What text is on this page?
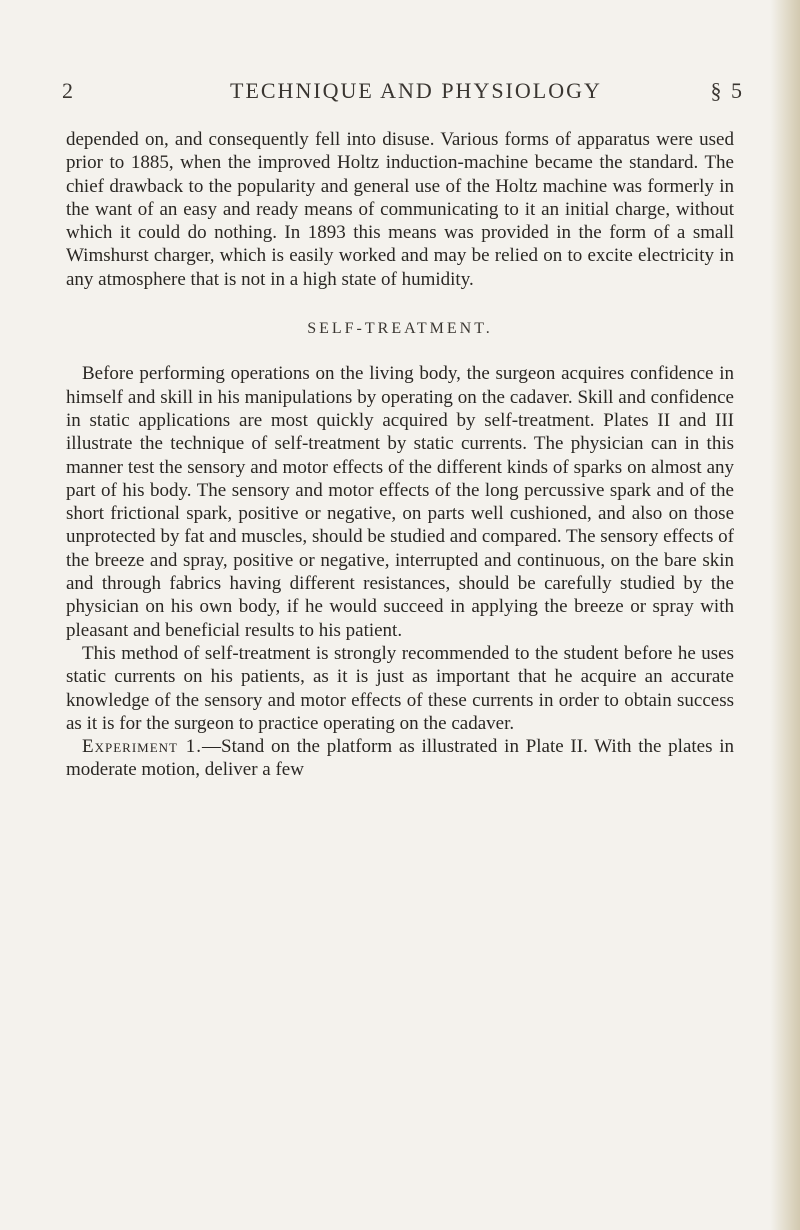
2	TECHNIQUE AND PHYSIOLOGY	§ 5

depended on, and consequently fell into disuse. Various forms of apparatus were used prior to 1885, when the improved Holtz induction-machine became the standard. The chief drawback to the popularity and general use of the Holtz machine was formerly in the want of an easy and ready means of communicating to it an initial charge, without which it could do nothing. In 1893 this means was provided in the form of a small Wimshurst charger, which is easily worked and may be relied on to excite electricity in any atmosphere that is not in a high state of humidity.

SELF-TREATMENT.

Before performing operations on the living body, the surgeon acquires confidence in himself and skill in his manipulations by operating on the cadaver. Skill and confidence in static applications are most quickly acquired by self-treatment. Plates II and III illustrate the technique of self-treatment by static currents. The physician can in this manner test the sensory and motor effects of the different kinds of sparks on almost any part of his body. The sensory and motor effects of the long percussive spark and of the short frictional spark, positive or negative, on parts well cushioned, and also on those unprotected by fat and muscles, should be studied and compared. The sensory effects of the breeze and spray, positive or negative, interrupted and continuous, on the bare skin and through fabrics having different resistances, should be carefully studied by the physician on his own body, if he would succeed in applying the breeze or spray with pleasant and beneficial results to his patient.

This method of self-treatment is strongly recommended to the student before he uses static currents on his patients, as it is just as important that he acquire an accurate knowledge of the sensory and motor effects of these currents in order to obtain success as it is for the surgeon to practice operating on the cadaver.

Experiment 1.—Stand on the platform as illustrated in Plate II. With the plates in moderate motion, deliver a few
